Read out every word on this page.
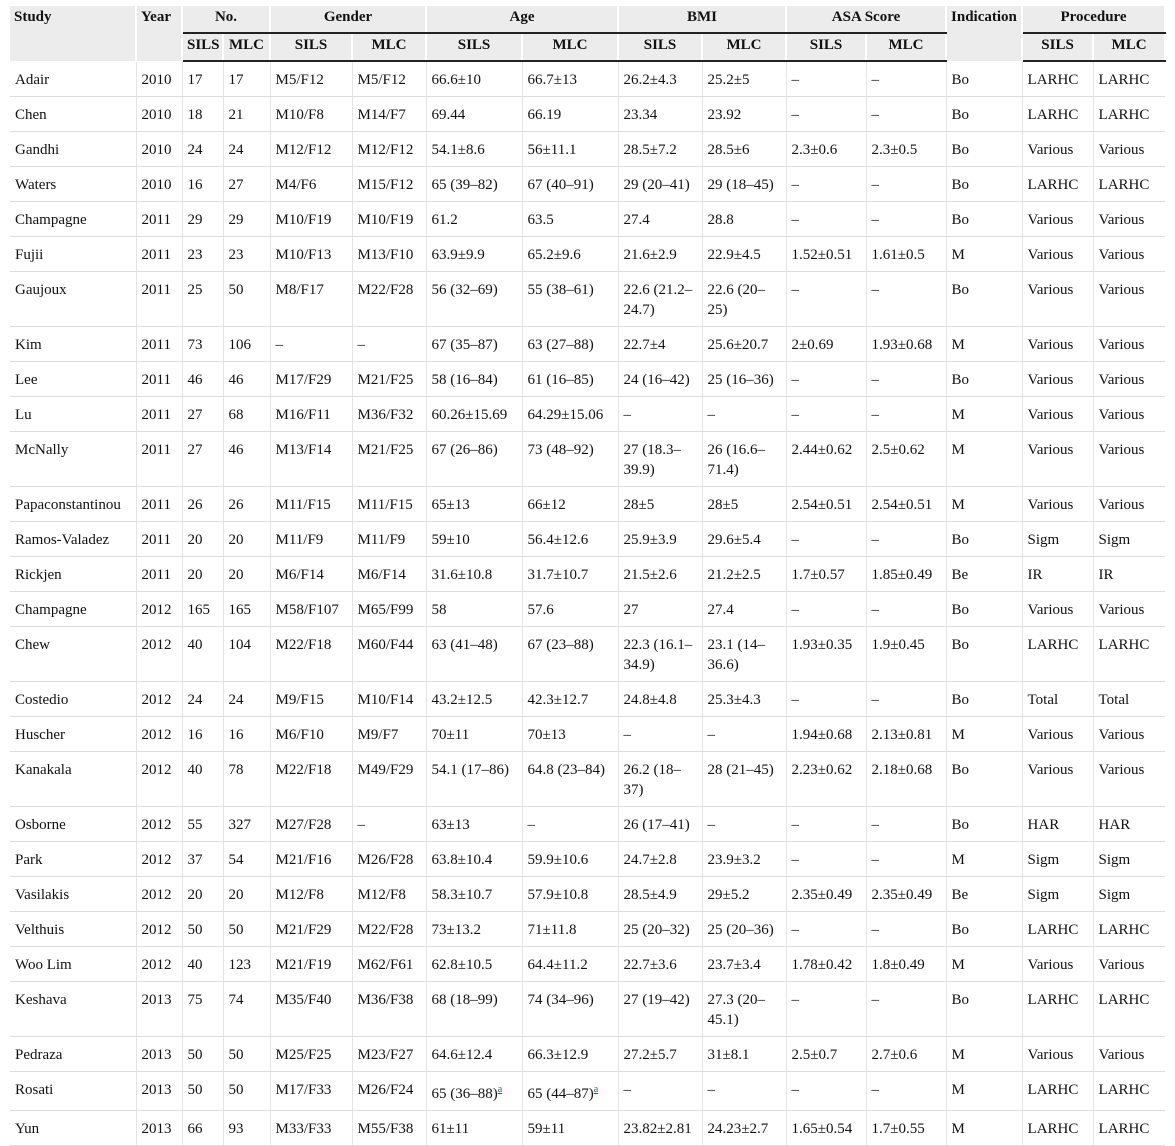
Study	Year	No.		Gender		Age		BMI		ASA Score		Indication	Procedure	
		SILS	MLC	SILS	MLC	SILS	MLC	SILS	MLC	SILS	MLC		SILS	MLC
Adair	2010	17	17	M5/F12	M5/F12	66.6±10	66.7±13	26.2±4.3	25.2±5	–	–	Bo	LARHC	LARHC
Chen	2010	18	21	M10/F8	M14/F7	69.44	66.19	23.34	23.92	–	–	Bo	LARHC	LARHC
Gandhi	2010	24	24	M12/F12	M12/F12	54.1±8.6	56±11.1	28.5±7.2	28.5±6	2.3±0.6	2.3±0.5	Bo	Various	Various
Waters	2010	16	27	M4/F6	M15/F12	65 (39–82)	67 (40–91)	29 (20–41)	29 (18–45)	–	–	Bo	LARHC	LARHC
Champagne	2011	29	29	M10/F19	M10/F19	61.2	63.5	27.4	28.8	–	–	Bo	Various	Various
Fujii	2011	23	23	M10/F13	M13/F10	63.9±9.9	65.2±9.6	21.6±2.9	22.9±4.5	1.52±0.51	1.61±0.5	M	Various	Various
Gaujoux	2011	25	50	M8/F17	M22/F28	56 (32–69)	55 (38–61)	22.6 (21.2–24.7)	22.6 (20–25)	–	–	Bo	Various	Various
Kim	2011	73	106	–	–	67 (35–87)	63 (27–88)	22.7±4	25.6±20.7	2±0.69	1.93±0.68	M	Various	Various
Lee	2011	46	46	M17/F29	M21/F25	58 (16–84)	61 (16–85)	24 (16–42)	25 (16–36)	–	–	Bo	Various	Various
Lu	2011	27	68	M16/F11	M36/F32	60.26±15.69	64.29±15.06	–	–	–	–	M	Various	Various
McNally	2011	27	46	M13/F14	M21/F25	67 (26–86)	73 (48–92)	27 (18.3–39.9)	26 (16.6–71.4)	2.44±0.62	2.5±0.62	M	Various	Various
Papaconstantinou	2011	26	26	M11/F15	M11/F15	65±13	66±12	28±5	28±5	2.54±0.51	2.54±0.51	M	Various	Various
Ramos-Valadez	2011	20	20	M11/F9	M11/F9	59±10	56.4±12.6	25.9±3.9	29.6±5.4	–	–	Bo	Sigm	Sigm
Rickjen	2011	20	20	M6/F14	M6/F14	31.6±10.8	31.7±10.7	21.5±2.6	21.2±2.5	1.7±0.57	1.85±0.49	Be	IR	IR
Champagne	2012	165	165	M58/F107	M65/F99	58	57.6	27	27.4	–	–	Bo	Various	Various
Chew	2012	40	104	M22/F18	M60/F44	63 (41–48)	67 (23–88)	22.3 (16.1–34.9)	23.1 (14–36.6)	1.93±0.35	1.9±0.45	Bo	LARHC	LARHC
Costedio	2012	24	24	M9/F15	M10/F14	43.2±12.5	42.3±12.7	24.8±4.8	25.3±4.3	–	–	Bo	Total	Total
Huscher	2012	16	16	M6/F10	M9/F7	70±11	70±13	–	–	1.94±0.68	2.13±0.81	M	Various	Various
Kanakala	2012	40	78	M22/F18	M49/F29	54.1 (17–86)	64.8 (23–84)	26.2 (18–37)	28 (21–45)	2.23±0.62	2.18±0.68	Bo	Various	Various
Osborne	2012	55	327	M27/F28	–	63±13	–	26 (17–41)	–	–	–	Bo	HAR	HAR
Park	2012	37	54	M21/F16	M26/F28	63.8±10.4	59.9±10.6	24.7±2.8	23.9±3.2	–	–	M	Sigm	Sigm
Vasilakis	2012	20	20	M12/F8	M12/F8	58.3±10.7	57.9±10.8	28.5±4.9	29±5.2	2.35±0.49	2.35±0.49	Be	Sigm	Sigm
Velthuis	2012	50	50	M21/F29	M22/F28	73±13.2	71±11.8	25 (20–32)	25 (20–36)	–	–	Bo	LARHC	LARHC
Woo Lim	2012	40	123	M21/F19	M62/F61	62.8±10.5	64.4±11.2	22.7±3.6	23.7±3.4	1.78±0.42	1.8±0.49	M	Various	Various
Keshava	2013	75	74	M35/F40	M36/F38	68 (18–99)	74 (34–96)	27 (19–42)	27.3 (20–45.1)	–	–	Bo	LARHC	LARHC
Pedraza	2013	50	50	M25/F25	M23/F27	64.6±12.4	66.3±12.9	27.2±5.7	31±8.1	2.5±0.7	2.7±0.6	M	Various	Various
Rosati	2013	50	50	M17/F33	M26/F24	65 (36–88)$^a$	65 (44–87)$^a$	–	–	–	–	M	LARHC	LARHC
Yun	2013	66	93	M33/F33	M55/F38	61±11	59±11	23.82±2.81	24.23±2.7	1.65±0.54	1.7±0.55	M	LARHC	LARHC
